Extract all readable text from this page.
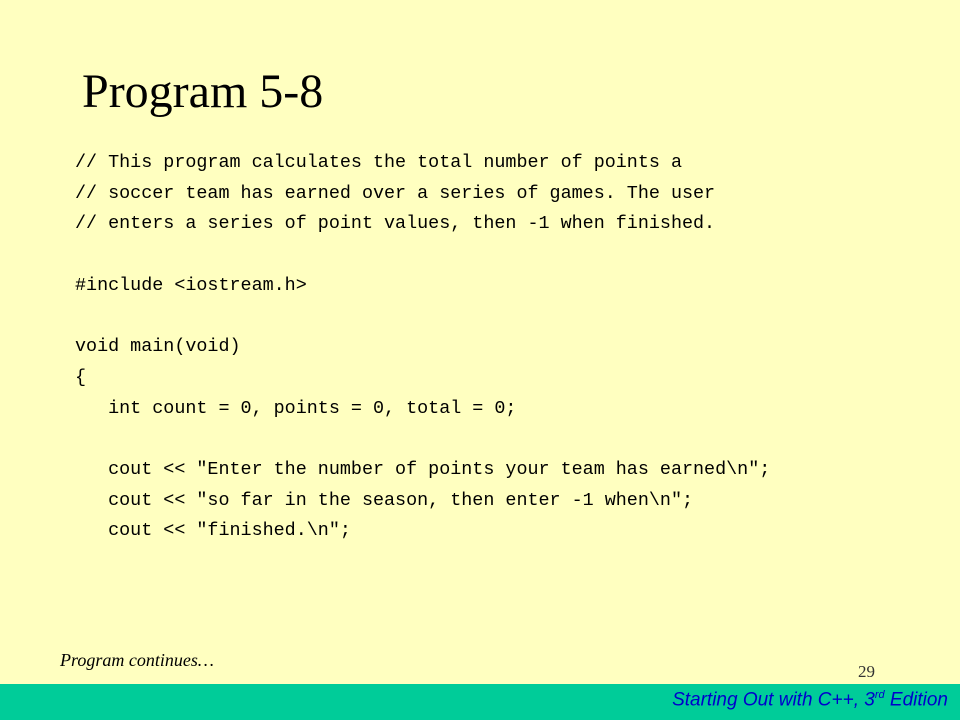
Program 5-8
// This program calculates the total number of points a
// soccer team has earned over a series of games. The user
// enters a series of point values, then -1 when finished.
#include <iostream.h>
void main(void)
{
int count = 0, points = 0, total = 0;
cout << "Enter the number of points your team has earned\n";
cout << "so far in the season, then enter -1 when\n";
cout << "finished.\n";
Program continues…
29
Starting Out with C++, 3rd Edition
